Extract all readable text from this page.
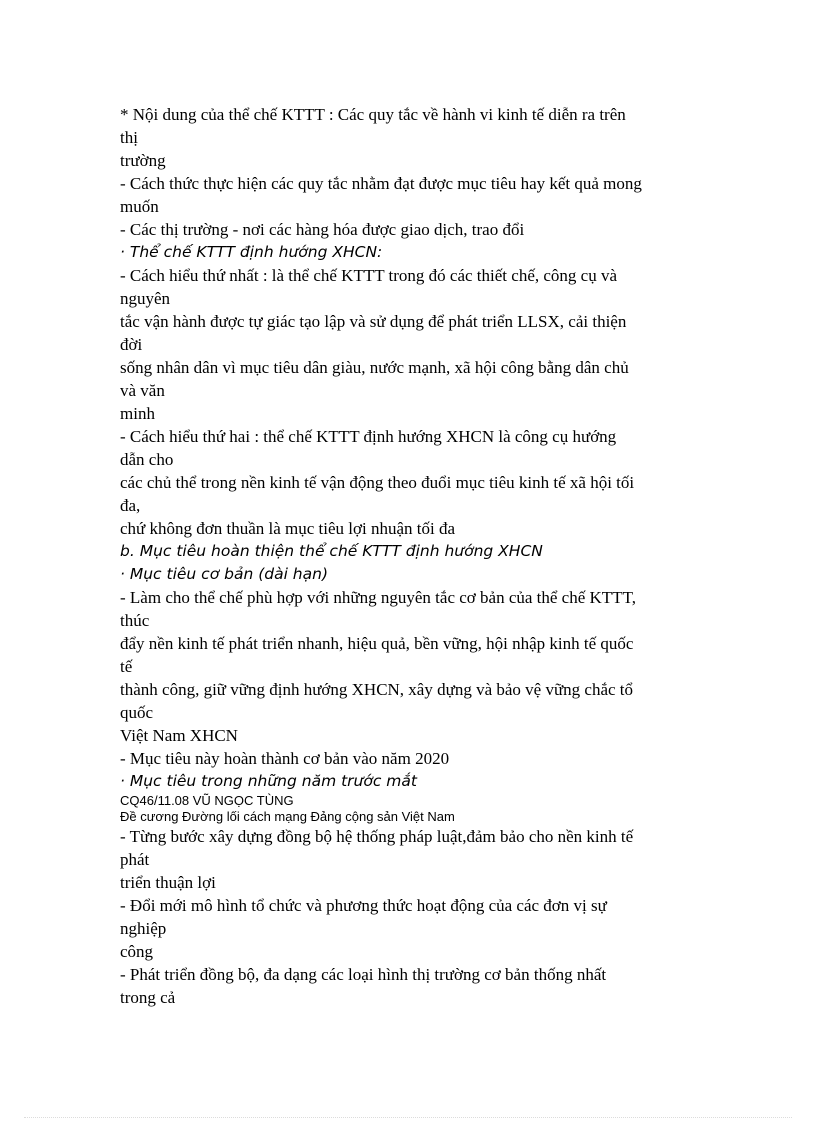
* Nội dung của thể chế KTTT : Các quy tắc về hành vi kinh tế diễn ra trên
thị
trường
- Cách thức thực hiện các quy tắc nhằm đạt được mục tiêu hay kết quả mong
muốn
- Các thị trường - nơi các hàng hóa được giao dịch, trao đổi
· Thể chế KTTT định hướng XHCN:
- Cách hiểu thứ nhất : là thể chế KTTT trong đó các thiết chế, công cụ và
nguyên
tắc vận hành được tự giác tạo lập và sử dụng để phát triển LLSX, cải thiện
đời
sống nhân dân vì mục tiêu dân giàu, nước mạnh, xã hội công bằng dân chủ
và văn
minh
- Cách hiểu thứ hai : thể chế KTTT định hướng XHCN là công cụ hướng
dẫn cho
các chủ thể trong nền kinh tế vận động theo đuổi mục tiêu kinh tế xã hội tối
đa,
chứ không đơn thuần là mục tiêu lợi nhuận tối đa
b. Mục tiêu hoàn thiện thể chế KTTT định hướng XHCN
· Mục tiêu cơ bản (dài hạn)
- Làm cho thể chế phù hợp với những nguyên tắc cơ bản của thể chế KTTT,
thúc
đẩy nền kinh tế phát triển nhanh, hiệu quả, bền vững, hội nhập kinh tế quốc
tế
thành công, giữ vững định hướng XHCN, xây dựng và bảo vệ vững chắc tổ
quốc
Việt Nam XHCN
- Mục tiêu này hoàn thành cơ bản vào năm 2020
· Mục tiêu trong những năm trước mắt
CQ46/11.08 VŨ NGỌC TÙNG
Đề cương Đường lối cách mạng Đảng cộng sản Việt Nam
- Từng bước xây dựng đồng bộ hệ thống pháp luật,đảm bảo cho nền kinh tế
phát
triển thuận lợi
- Đổi mới mô hình tổ chức và phương thức hoạt động của các đơn vị sự
nghiệp
công
- Phát triển đồng bộ, đa dạng các loại hình thị trường cơ bản thống nhất
trong cả
